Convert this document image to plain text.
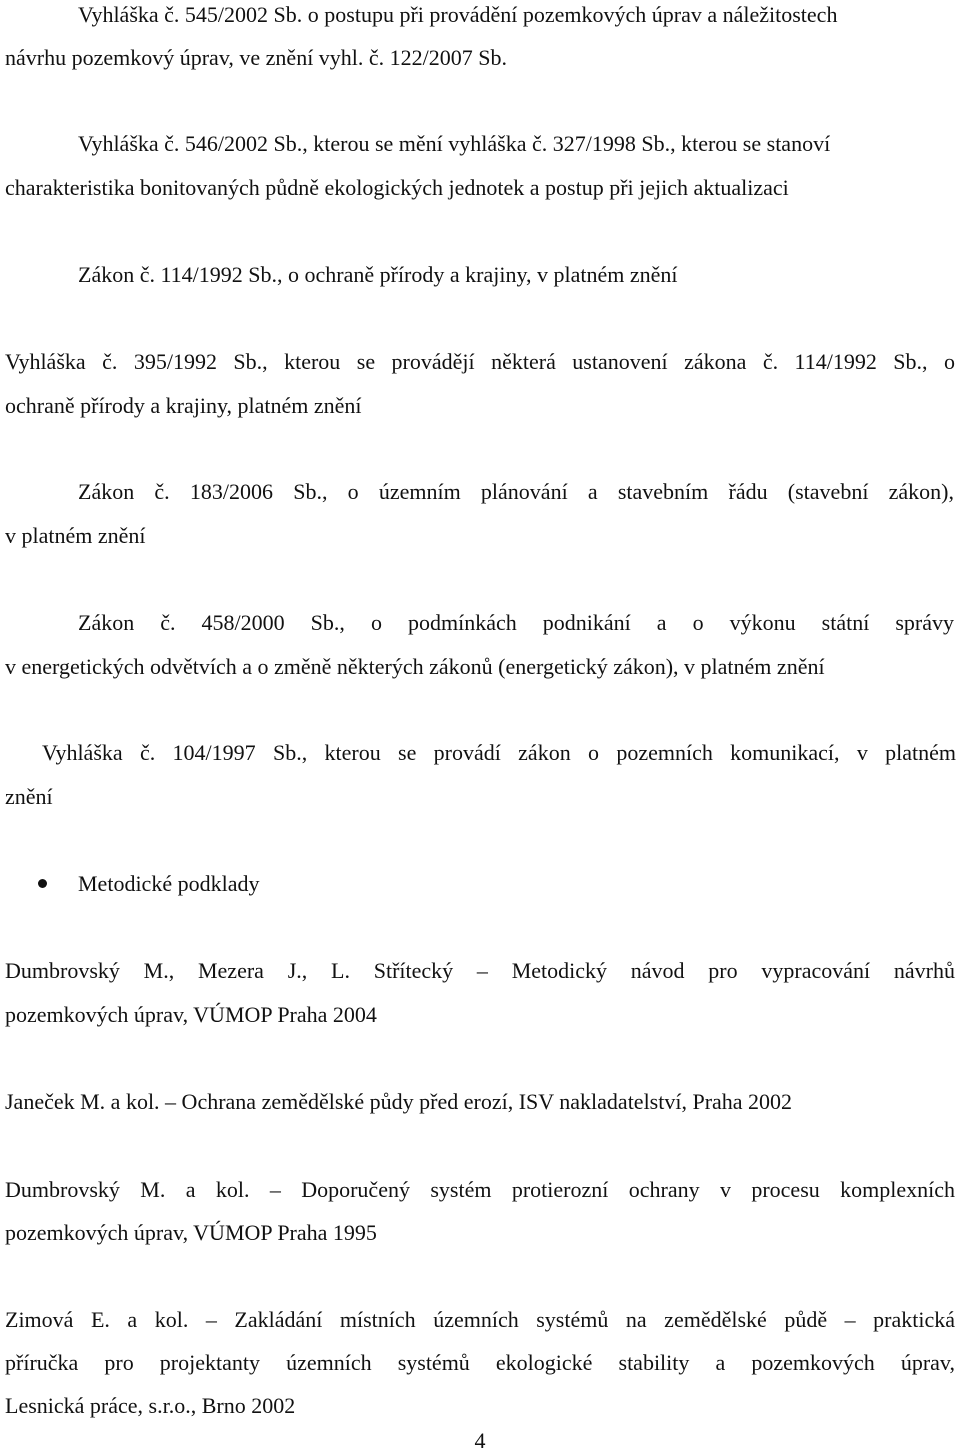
Vyhláška č. 545/2002 Sb. o postupu při provádění pozemkových úprav a náležitostech
návrhu pozemkový úprav, ve znění vyhl. č. 122/2007 Sb.
Vyhláška č. 546/2002 Sb., kterou se mění vyhláška č. 327/1998 Sb., kterou se stanoví
charakteristika bonitovaných půdně ekologických jednotek a postup při jejich aktualizaci
Zákon č. 114/1992 Sb., o ochraně přírody a krajiny, v platném znění
Vyhláška č. 395/1992 Sb., kterou se provádějí některá ustanovení zákona č. 114/1992 Sb., o
ochraně přírody a krajiny, platném znění
Zákon č. 183/2006 Sb., o územním plánování a stavebním řádu (stavební zákon),
v platném znění
Zákon č. 458/2000 Sb., o podmínkách podnikání a o výkonu státní správy
v energetických odvětvích a o změně některých zákonů (energetický zákon), v platném znění
Vyhláška č. 104/1997 Sb., kterou se provádí zákon o pozemních komunikací, v platném
znění
Metodické podklady
Dumbrovský M., Mezera J., L. Střítecký – Metodický návod pro vypracování návrhů
pozemkových úprav, VÚMOP Praha 2004
Janeček M. a kol. – Ochrana zemědělské půdy před erozí, ISV nakladatelství, Praha 2002
Dumbrovský M. a kol. – Doporučený systém protierozní ochrany v procesu komplexních
pozemkových úprav, VÚMOP Praha 1995
Zimová E. a kol. – Zakládání místních územních systémů na zemědělské půdě – praktická
příručka pro projektanty územních systémů ekologické stability a pozemkových úprav,
Lesnická práce, s.r.o., Brno 2002
4
